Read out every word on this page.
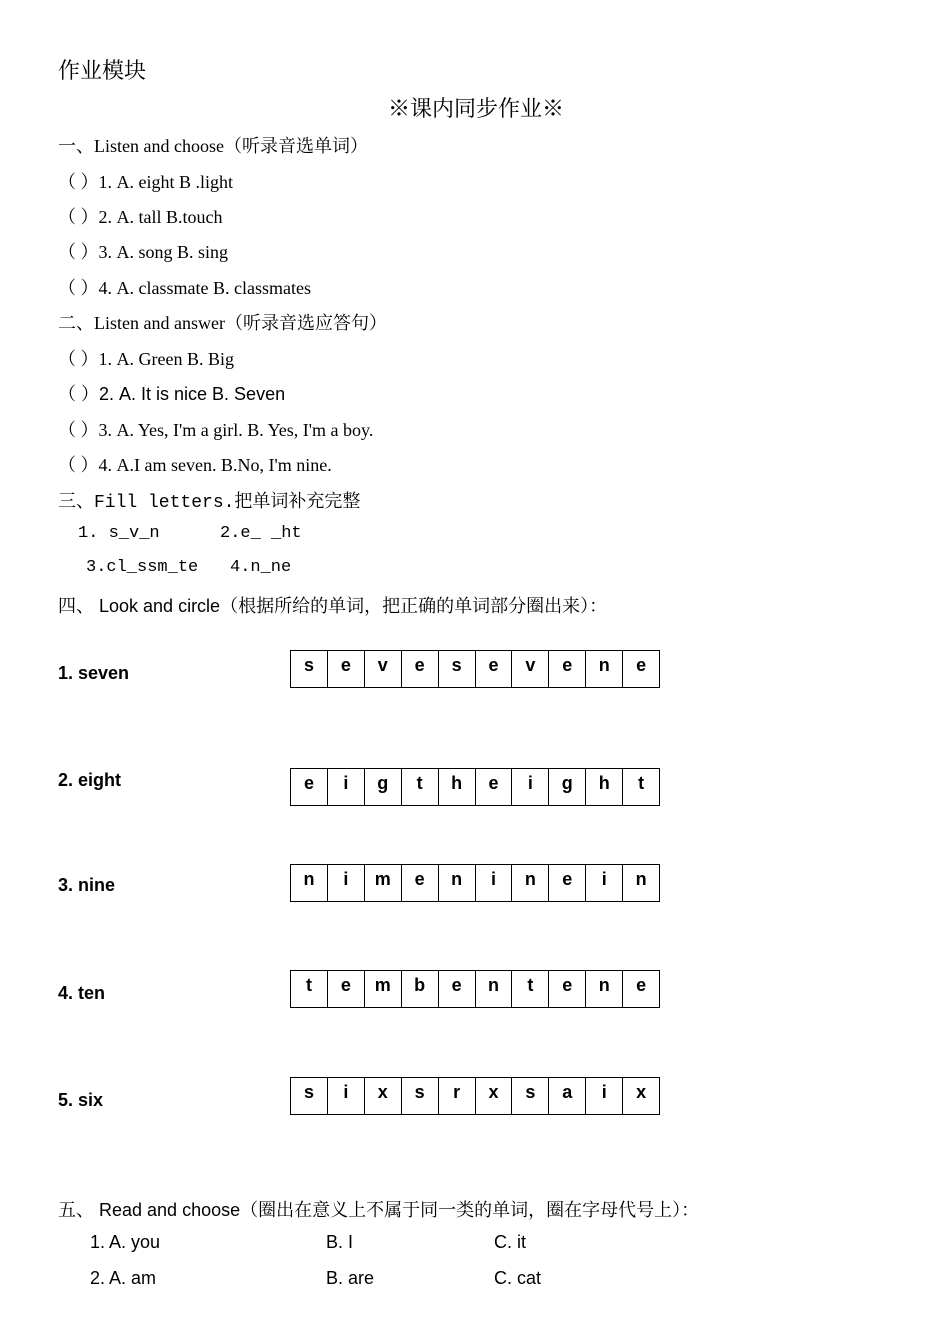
作业模块
※课内同步作业※
一、Listen and choose（听录音选单词）
（ ）1. A. eight B .light
（ ）2. A. tall B.touch
（ ）3. A. song B. sing
（ ）4. A. classmate B. classmates
二、Listen and answer（听录音选应答句）
（ ）1. A. Green B. Big
（ ）2. A. It is nice B. Seven
（ ）3. A. Yes, I'm a girl. B. Yes, I'm a boy.
（ ）4. A.I am seven. B.No, I'm nine.
三、Fill letters.把单词补充完整
1. s_v_n	2.e_ _ht
3.cl_ssm_te 4.n_ne
四、 Look and circle（根据所给的单词，把正确的单词部分圈出来）：
1. seven	s	e	v	e	s	e	v	e	n	e
2. eight	e	i	g	t	h	e	i	g	h	t
3. nine	n	i	m	e	n	i	n	e	i	n
4. ten	t	e	m	b	e	n	t	e	n	e
5. six	s	i	x	s	r	x	s	a	i	x
五、 Read and choose（圈出在意义上不属于同一类的单词，圈在字母代号上）：
1. A. you	B. I	C. it
2. A. am	B. are	C. cat
